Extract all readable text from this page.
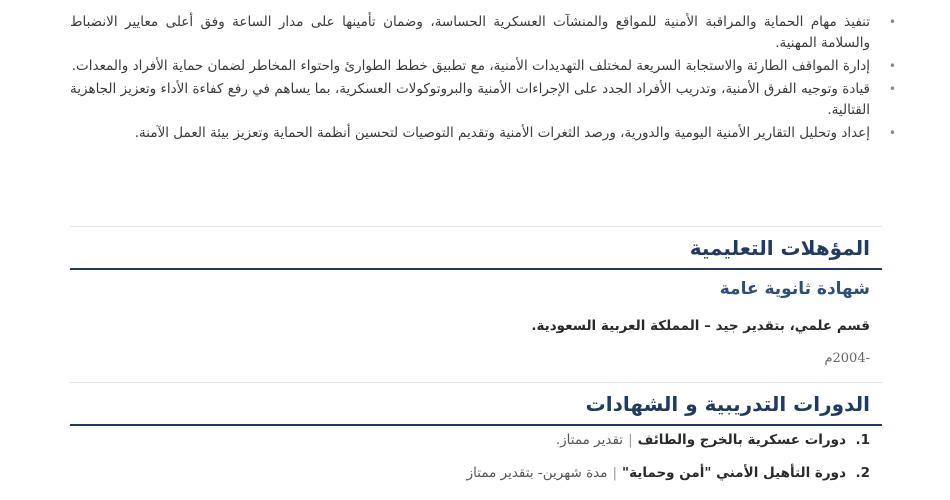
•
تنفيذ مهام الحماية والمراقبة الأمنية للمواقع والمنشآت العسكرية الحساسة، وضمان تأمينها على مدار الساعة وفق أعلى معايير الانضباط والسلامة المهنية.
•
إدارة المواقف الطارئة والاستجابة السريعة لمختلف التهديدات الأمنية، مع تطبيق خطط الطوارئ واحتواء المخاطر لضمان حماية الأفراد والمعدات.
•
قيادة وتوجيه الفرق الأمنية، وتدريب الأفراد الجدد على الإجراءات الأمنية والبروتوكولات العسكرية، بما يساهم في رفع كفاءة الأداء وتعزيز الجاهزية القتالية.
•
إعداد وتحليل التقارير الأمنية اليومية والدورية، ورصد الثغرات الأمنية وتقديم التوصيات لتحسين أنظمة الحماية وتعزيز بيئة العمل الآمنة.
المؤهلات التعليمية
شهادة ثانوية عامة
قسم علمي، بتقدير جيد – المملكة العربية السعودية.
-2004م
الدورات التدريبية و الشهادات
1.دورات عسكرية بالخرج والطائف|تقدير ممتاز.
2.دورة التأهيل الأمني "أمن وحماية"|مدة شهرين- بتقدير ممتاز
